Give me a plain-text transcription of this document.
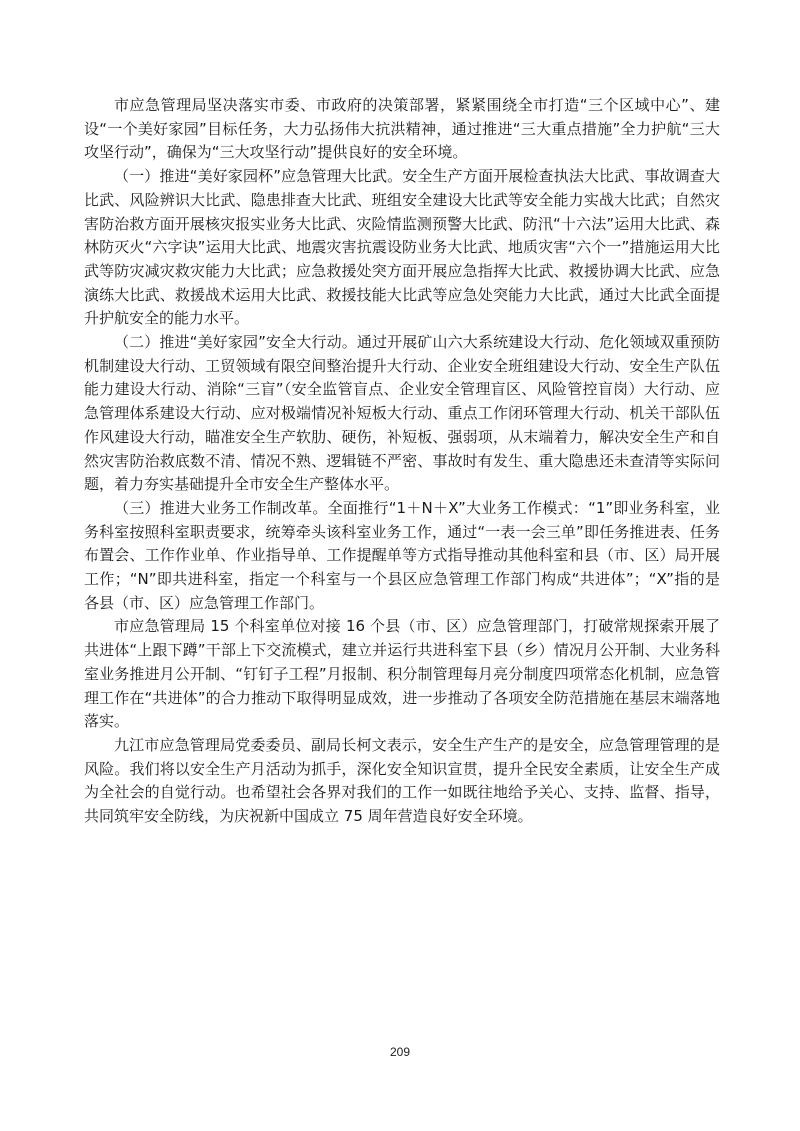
市应急管理局坚决落实市委、市政府的决策部署，紧紧围绕全市打造“三个区域中心”、建设“一个美好家园”目标任务，大力弘扬伟大抗洪精神，通过推进“三大重点措施”全力护航“三大攻坚行动”，确保为“三大攻坚行动”提供良好的安全环境。

（一）推进“美好家园杯”应急管理大比武。安全生产方面开展检查执法大比武、事故调查大比武、风险辨识大比武、隐患排查大比武、班组安全建设大比武等安全能力实战大比武；自然灾害防治救方面开展核灾报实业务大比武、灾险情监测预警大比武、防汛“十六法”运用大比武、森林防灭火“六字诀”运用大比武、地震灾害抗震设防业务大比武、地质灾害“六个一”措施运用大比武等防灾减灾救灾能力大比武；应急救援处突方面开展应急指挥大比武、救援协调大比武、应急演练大比武、救援战术运用大比武、救援技能大比武等应急处突能力大比武，通过大比武全面提升护航安全的能力水平。

（二）推进“美好家园”安全大行动。通过开展矿山六大系统建设大行动、危化领域双重预防机制建设大行动、工贸领域有限空间整治提升大行动、企业安全班组建设大行动、安全生产队伍能力建设大行动、消除“三盲”（安全监管盲点、企业安全管理盲区、风险管控盲岗）大行动、应急管理体系建设大行动、应对极端情况补短板大行动、重点工作闭环管理大行动、机关干部队伍作风建设大行动，瞄准安全生产软肋、硬伤，补短板、强弱项，从末端着力，解决安全生产和自然灾害防治救底数不清、情况不熟、逻辑链不严密、事故时有发生、重大隐患还未查清等实际问题，着力夯实基础提升全市安全生产整体水平。

（三）推进大业务工作制改革。全面推行“1＋N＋X”大业务工作模式：“1”即业务科室，业务科室按照科室职责要求，统筹牵头该科室业务工作，通过“一表一会三单”即任务推进表、任务布置会、工作作业单、作业指导单、工作提醒单等方式指导推动其他科室和县（市、区）局开展工作；“N”即共进科室，指定一个科室与一个县区应急管理工作部门构成“共进体”；“X”指的是各县（市、区）应急管理工作部门。

市应急管理局 15 个科室单位对接 16 个县（市、区）应急管理部门，打破常规探索开展了共进体“上跟下蹲”干部上下交流模式，建立并运行共进科室下县（乡）情况月公开制、大业务科室业务推进月公开制、“钉钉子工程”月报制、积分制管理每月亮分制度四项常态化机制，应急管理工作在“共进体”的合力推动下取得明显成效，进一步推动了各项安全防范措施在基层末端落地落实。

九江市应急管理局党委委员、副局长柯文表示，安全生产生产的是安全，应急管理管理的是风险。我们将以安全生产月活动为抓手，深化安全知识宣贯，提升全民安全素质，让安全生产成为全社会的自觉行动。也希望社会各界对我们的工作一如既往地给予关心、支持、监督、指导，共同筑牢安全防线，为庆祝新中国成立 75 周年营造良好安全环境。

209
